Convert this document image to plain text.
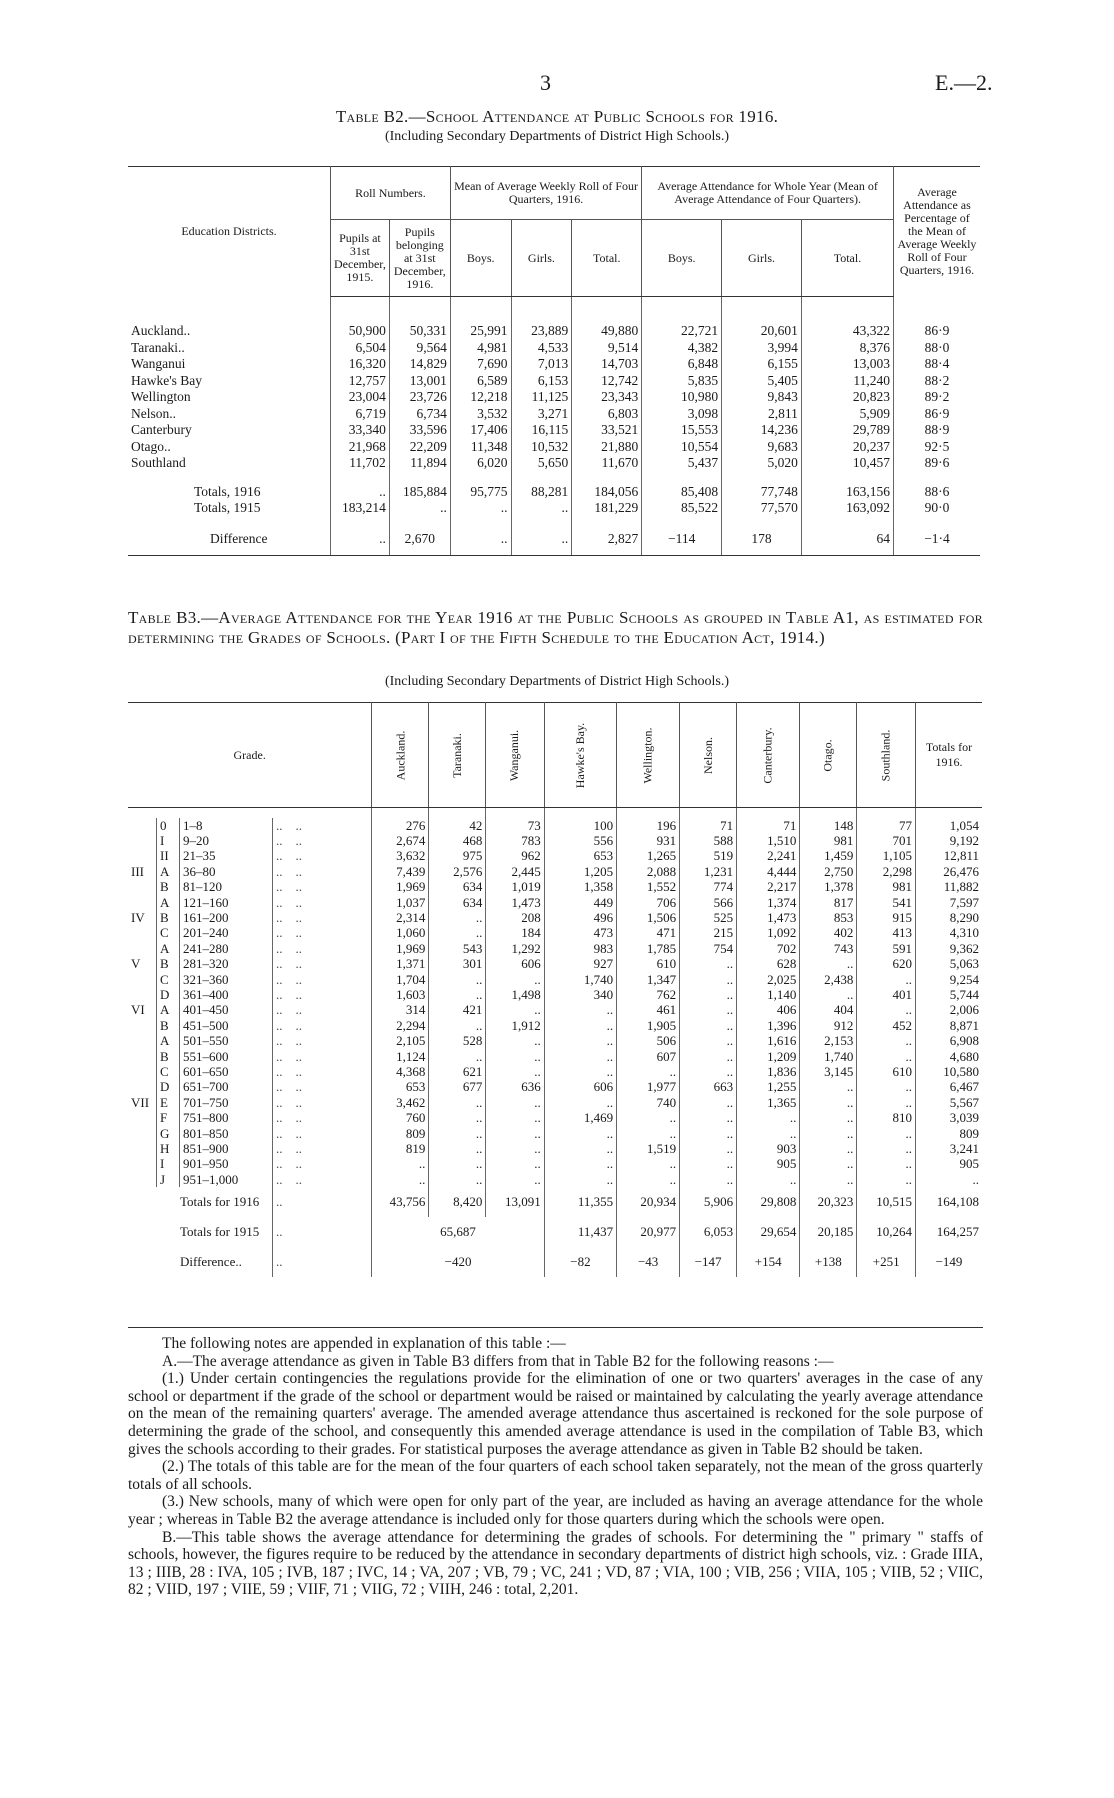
3	E.—2.
Table B2.—School Attendance at Public Schools for 1916.
(Including Secondary Departments of District High Schools.)
Education Districts.	Roll Numbers.		Mean of Average Weekly Roll of Four Quarters, 1916.			Average Attendance for Whole Year (Mean of Average Attendance of Four Quarters).			Average Attendance as Percentage of the Mean of Average Weekly Roll of Four Quarters, 1916.
	Pupils at 31st December, 1915.	Pupils belonging at 31st December, 1916.	Boys.	Girls.	Total.	Boys.	Girls.	Total.	

Auckland..	50,900	50,331	25,991	23,889	49,880	22,721	20,601	43,322	86·9
Taranaki..	6,504	9,564	4,981	4,533	9,514	4,382	3,994	8,376	88·0
Wanganui	16,320	14,829	7,690	7,013	14,703	6,848	6,155	13,003	88·4
Hawke's Bay	12,757	13,001	6,589	6,153	12,742	5,835	5,405	11,240	88·2
Wellington	23,004	23,726	12,218	11,125	23,343	10,980	9,843	20,823	89·2
Nelson..	6,719	6,734	3,532	3,271	6,803	3,098	2,811	5,909	86·9
Canterbury	33,340	33,596	17,406	16,115	33,521	15,553	14,236	29,789	88·9
Otago..	21,968	22,209	11,348	10,532	21,880	10,554	9,683	20,237	92·5
Southland	11,702	11,894	6,020	5,650	11,670	5,437	5,020	10,457	89·6

Totals, 1916	..	185,884	95,775	88,281	184,056	85,408	77,748	163,156	88·6
Totals, 1915	183,214	..	..	..	181,229	85,522	77,570	163,092	90·0

Difference	..	2,670	..	..	2,827	−114	178	64	−1·4

Table B3.—Average Attendance for the Year 1916 at the Public Schools as grouped in Table A1, as estimated for determining the Grades of Schools. (Part I of the Fifth Schedule to the Education Act, 1914.)
(Including Secondary Departments of District High Schools.)
Grade.				Auckland.	Taranaki.	Wanganui.	Hawke's Bay.	Wellington.	Nelson.	Canterbury.	Otago.	Southland.	Totals for 1916.

	0	1–8	..    ..	276	42	73	100	196	71	71	148	77	1,054
	I	9–20	..    ..	2,674	468	783	556	931	588	1,510	981	701	9,192
	II	21–35	..    ..	3,632	975	962	653	1,265	519	2,241	1,459	1,105	12,811
III	A	36–80	..    ..	7,439	2,576	2,445	1,205	2,088	1,231	4,444	2,750	2,298	26,476
	B	81–120	..    ..	1,969	634	1,019	1,358	1,552	774	2,217	1,378	981	11,882
	A	121–160	..    ..	1,037	634	1,473	449	706	566	1,374	817	541	7,597
IV	B	161–200	..    ..	2,314	..	208	496	1,506	525	1,473	853	915	8,290
	C	201–240	..    ..	1,060	..	184	473	471	215	1,092	402	413	4,310
	A	241–280	..    ..	1,969	543	1,292	983	1,785	754	702	743	591	9,362
V	B	281–320	..    ..	1,371	301	606	927	610	..	628	..	620	5,063
	C	321–360	..    ..	1,704	..	..	1,740	1,347	..	2,025	2,438	..	9,254
	D	361–400	..    ..	1,603	..	1,498	340	762	..	1,140	..	401	5,744
VI	A	401–450	..    ..	314	421	..	..	461	..	406	404	..	2,006
	B	451–500	..    ..	2,294	..	1,912	..	1,905	..	1,396	912	452	8,871
	A	501–550	..    ..	2,105	528	..	..	506	..	1,616	2,153	..	6,908
	B	551–600	..    ..	1,124	..	..	..	607	..	1,209	1,740	..	4,680
	C	601–650	..    ..	4,368	621	..	..	..	..	1,836	3,145	610	10,580
	D	651–700	..    ..	653	677	636	606	1,977	663	1,255	..	..	6,467
VII	E	701–750	..    ..	3,462	..	..	..	740	..	1,365	..	..	5,567
	F	751–800	..    ..	760	..	..	1,469	..	..	..	..	810	3,039
	G	801–850	..    ..	809	..	..	..	..	..	..	..	..	809
	H	851–900	..    ..	819	..	..	..	1,519	..	903	..	..	3,241
	I	901–950	..    ..	..	..	..	..	..	..	905	..	..	905
	J	951–1,000	..    ..	..	..	..	..	..	..	..	..	..	..
Totals for 1916			..	43,756	8,420	13,091	11,355	20,934	5,906	29,808	20,323	10,515	164,108
Totals for 1915			..	65,687			11,437	20,977	6,053	29,654	20,185	10,264	164,257
Difference..			..	−420			−82	−43	−147	+154	+138	+251	−149

The following notes are appended in explanation of this table :—

A.—The average attendance as given in Table B3 differs from that in Table B2 for the following reasons :—

(1.) Under certain contingencies the regulations provide for the elimination of one or two quarters' averages in the case of any school or department if the grade of the school or department would be raised or maintained by calculating the yearly average attendance on the mean of the remaining quarters' average. The amended average attendance thus ascertained is reckoned for the sole purpose of determining the grade of the school, and consequently this amended average attendance is used in the compilation of Table B3, which gives the schools according to their grades. For statistical purposes the average attendance as given in Table B2 should be taken.

(2.) The totals of this table are for the mean of the four quarters of each school taken separately, not the mean of the gross quarterly totals of all schools.

(3.) New schools, many of which were open for only part of the year, are included as having an average attendance for the whole year ; whereas in Table B2 the average attendance is included only for those quarters during which the schools were open.

B.—This table shows the average attendance for determining the grades of schools. For determining the " primary " staffs of schools, however, the figures require to be reduced by the attendance in secondary departments of district high schools, viz. : Grade IIIA, 13 ; IIIB, 28 : IVA, 105 ; IVB, 187 ; IVC, 14 ; VA, 207 ; VB, 79 ; VC, 241 ; VD, 87 ; VIA, 100 ; VIB, 256 ; VIIA, 105 ; VIIB, 52 ; VIIC, 82 ; VIID, 197 ; VIIE, 59 ; VIIF, 71 ; VIIG, 72 ; VIIH, 246 : total, 2,201.
